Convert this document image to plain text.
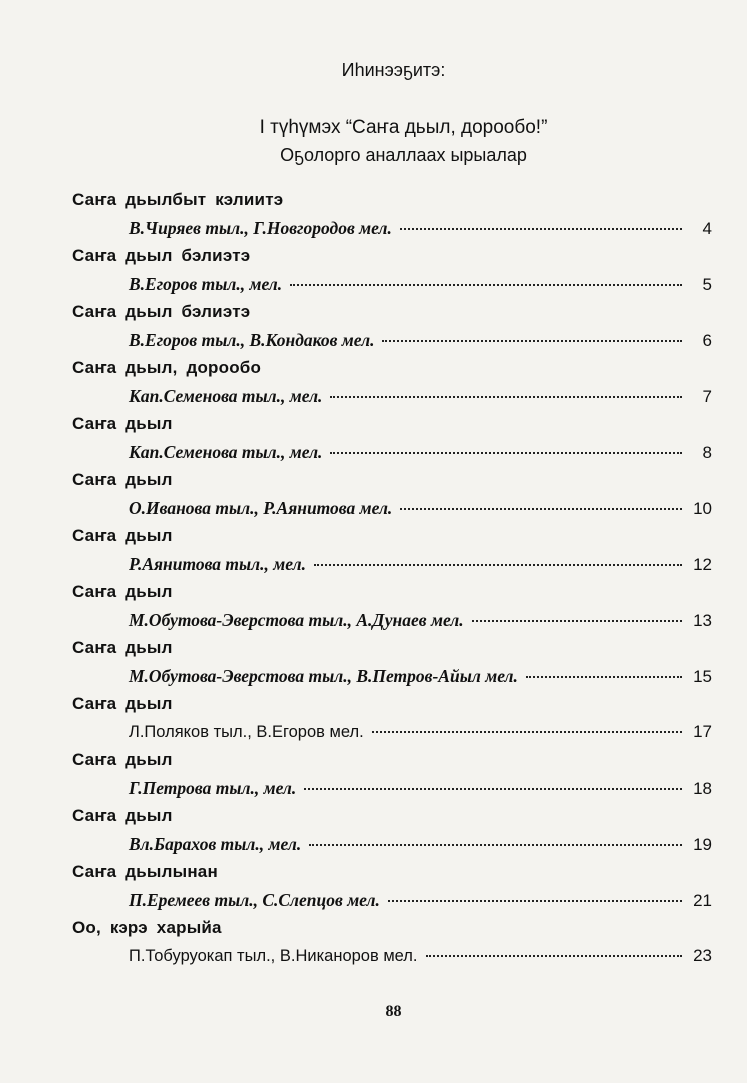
Иһинээҕитэ:
I түһүмэх “Саҥа дьыл, дорообо!”
Оҕолорго аналлаах ырыалар
Саҥа дьылбыт кэлиитэ
В.Чиряев тыл., Г.Новгородов мел.	4
Саҥа дьыл бэлиэтэ
В.Егоров тыл., мел.	5
Саҥа дьыл бэлиэтэ
В.Егоров тыл., В.Кондаков мел.	6
Саҥа дьыл, дорообо
Кап.Семенова тыл., мел.	7
Саҥа дьыл
Кап.Семенова тыл., мел.	8
Саҥа дьыл
О.Иванова тыл., Р.Аянитова мел.	10
Саҥа дьыл
Р.Аянитова тыл., мел.	12
Саҥа дьыл
М.Обутова-Эверстова тыл., А.Дунаев мел.	13
Саҥа дьыл
М.Обутова-Эверстова тыл., В.Петров-Айыл мел.	15
Саҥа дьыл
Л.Поляков тыл., В.Егоров мел.	17
Саҥа дьыл
Г.Петрова тыл., мел.	18
Саҥа дьыл
Вл.Барахов тыл., мел.	19
Саҥа дьылынан
П.Еремеев тыл., С.Слепцов мел.	21
Оо, кэрэ харыйа
П.Тобуруокап тыл., В.Никаноров мел.	23
88
